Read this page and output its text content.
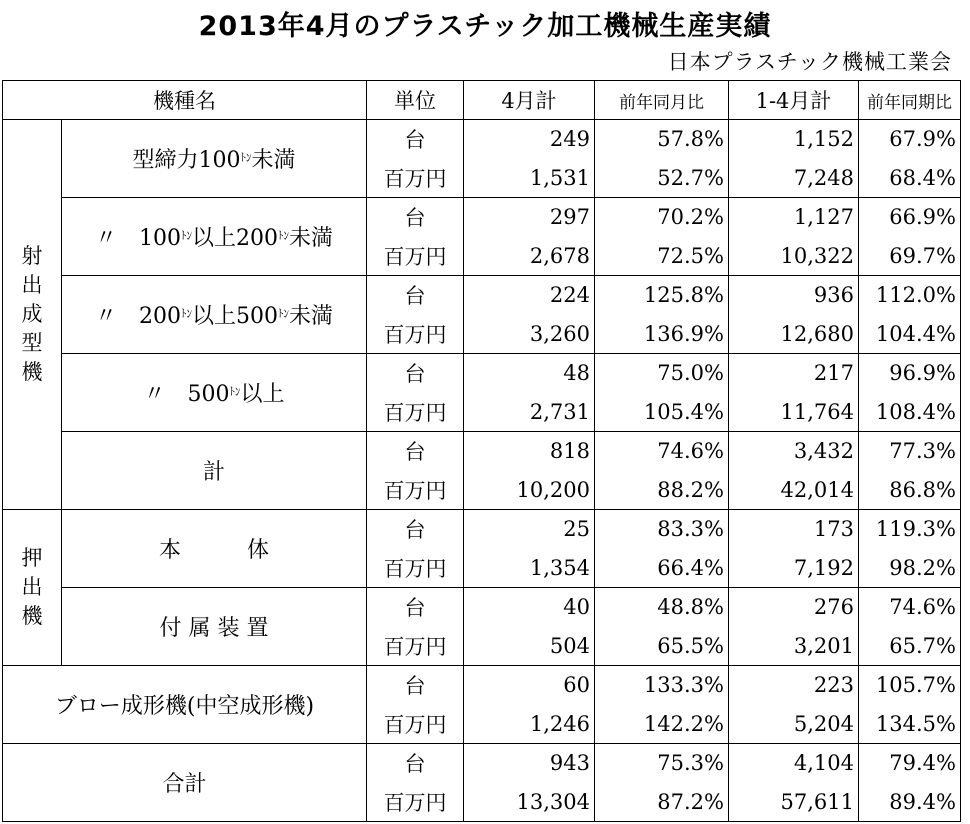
2013年4月のプラスチック加工機械生産実績
日本プラスチック機械工業会
機種名		単位	4月計	前年同月比	1-4月計	前年同期比

射
出
成
型
機	型締力$100^{ﾄﾝ}$未満	台	249	57.8%	1,152	67.9%
		百万円	1,531	52.7%	7,248	68.4%
	〃　$100^{ﾄﾝ}$以上$200^{ﾄﾝ}$未満	台	297	70.2%	1,127	66.9%
		百万円	2,678	72.5%	10,322	69.7%
	〃　$200^{ﾄﾝ}$以上$500^{ﾄﾝ}$未満	台	224	125.8%	936	112.0%
		百万円	3,260	136.9%	12,680	104.4%
	〃　$500^{ﾄﾝ}$以上	台	48	75.0%	217	96.9%
		百万円	2,731	105.4%	11,764	108.4%
	計	台	818	74.6%	3,432	77.3%
		百万円	10,200	88.2%	42,014	86.8%

押
出
機	本　　　体	台	25	83.3%	173	119.3%
		百万円	1,354	66.4%	7,192	98.2%
	付 属 装 置	台	40	48.8%	276	74.6%
		百万円	504	65.5%	3,201	65.7%
ブロー成形機(中空成形機)		台	60	133.3%	223	105.7%
		百万円	1,246	142.2%	5,204	134.5%
合計		台	943	75.3%	4,104	79.4%
		百万円	13,304	87.2%	57,611	89.4%
